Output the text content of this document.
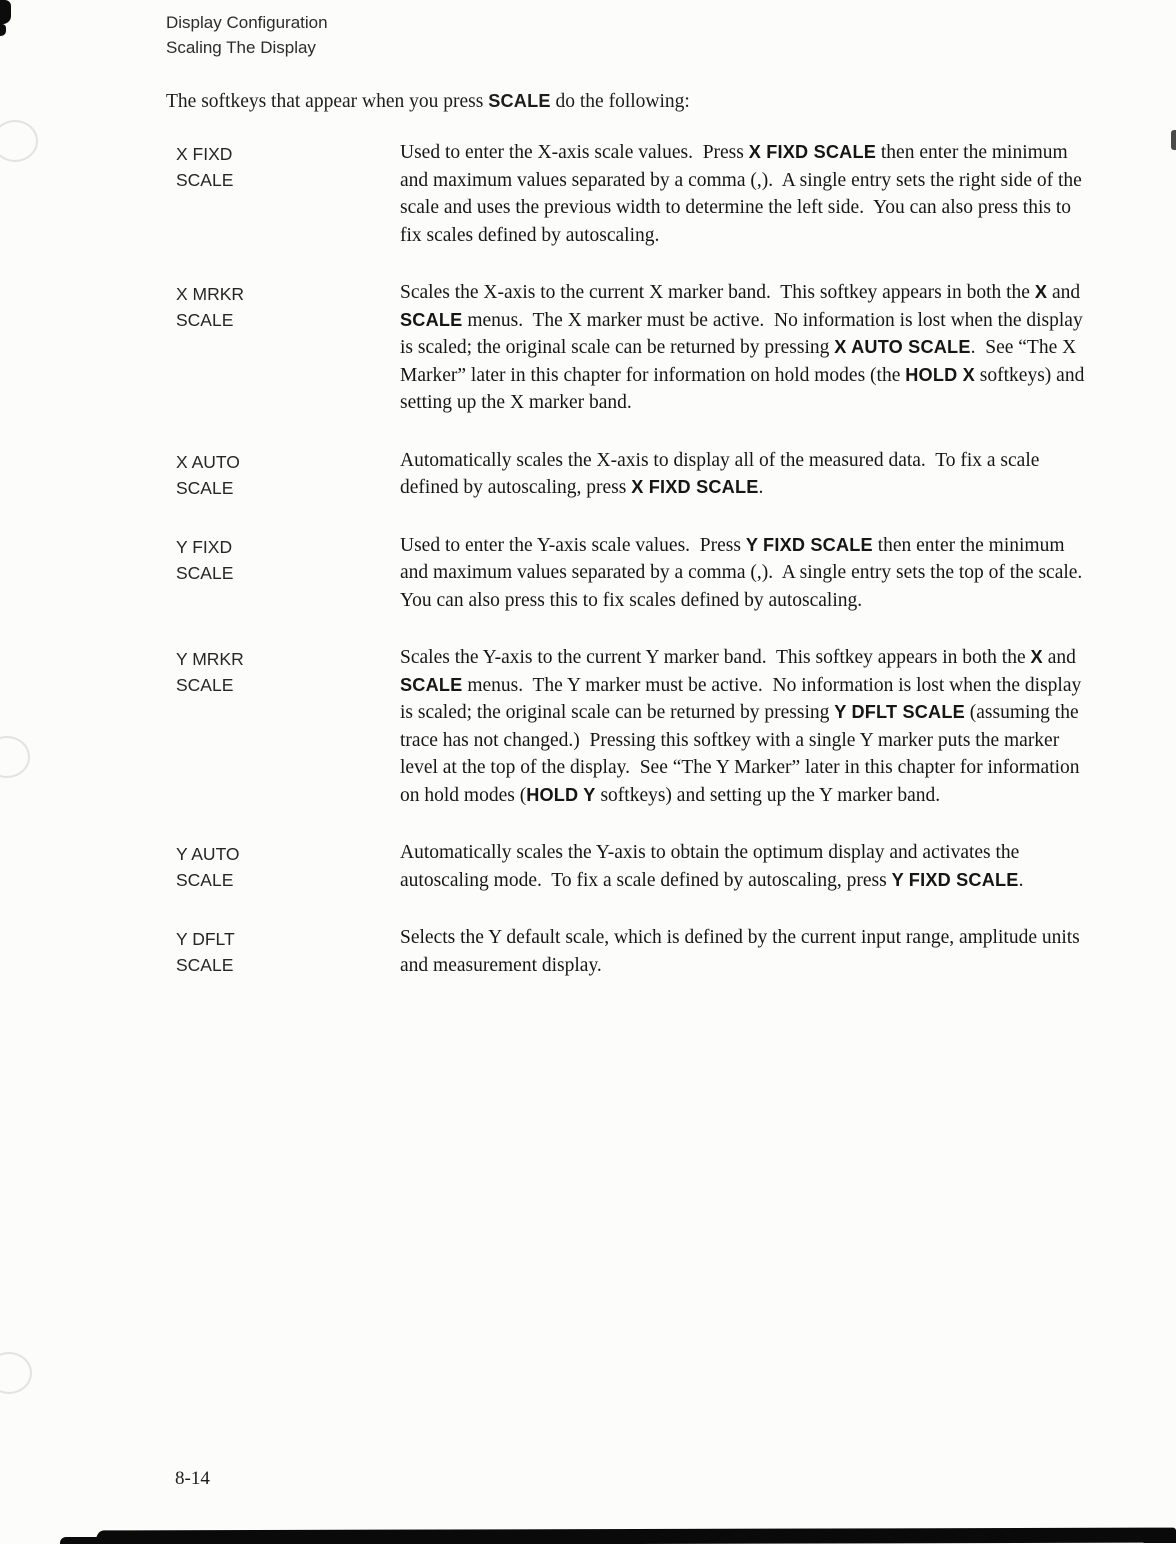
Display Configuration
Scaling The Display
The softkeys that appear when you press SCALE do the following:
X FIXD
SCALE
Used to enter the X-axis scale values.  Press X FIXD SCALE then enter the minimum and maximum values separated by a comma (,).  A single entry sets the right side of the scale and uses the previous width to determine the left side.  You can also press this to fix scales defined by autoscaling.
X MRKR
SCALE
Scales the X-axis to the current X marker band.  This softkey appears in both the X and SCALE menus.  The X marker must be active.  No information is lost when the display is scaled; the original scale can be returned by pressing X AUTO SCALE.  See “The X Marker” later in this chapter for information on hold modes (the HOLD X softkeys) and setting up the X marker band.
X AUTO
SCALE
Automatically scales the X-axis to display all of the measured data.  To fix a scale defined by autoscaling, press X FIXD SCALE.
Y FIXD
SCALE
Used to enter the Y-axis scale values.  Press Y FIXD SCALE then enter the minimum and maximum values separated by a comma (,).  A single entry sets the top of the scale.  You can also press this to fix scales defined by autoscaling.
Y MRKR
SCALE
Scales the Y-axis to the current Y marker band.  This softkey appears in both the X and SCALE menus.  The Y marker must be active.  No information is lost when the display is scaled; the original scale can be returned by pressing Y DFLT SCALE (assuming the trace has not changed.)  Pressing this softkey with a single Y marker puts the marker level at the top of the display.  See “The Y Marker” later in this chapter for information on hold modes (HOLD Y softkeys) and setting up the Y marker band.
Y AUTO
SCALE
Automatically scales the Y-axis to obtain the optimum display and activates the autoscaling mode.  To fix a scale defined by autoscaling, press Y FIXD SCALE.
Y DFLT
SCALE
Selects the Y default scale, which is defined by the current input range, amplitude units and measurement display.
8-14
